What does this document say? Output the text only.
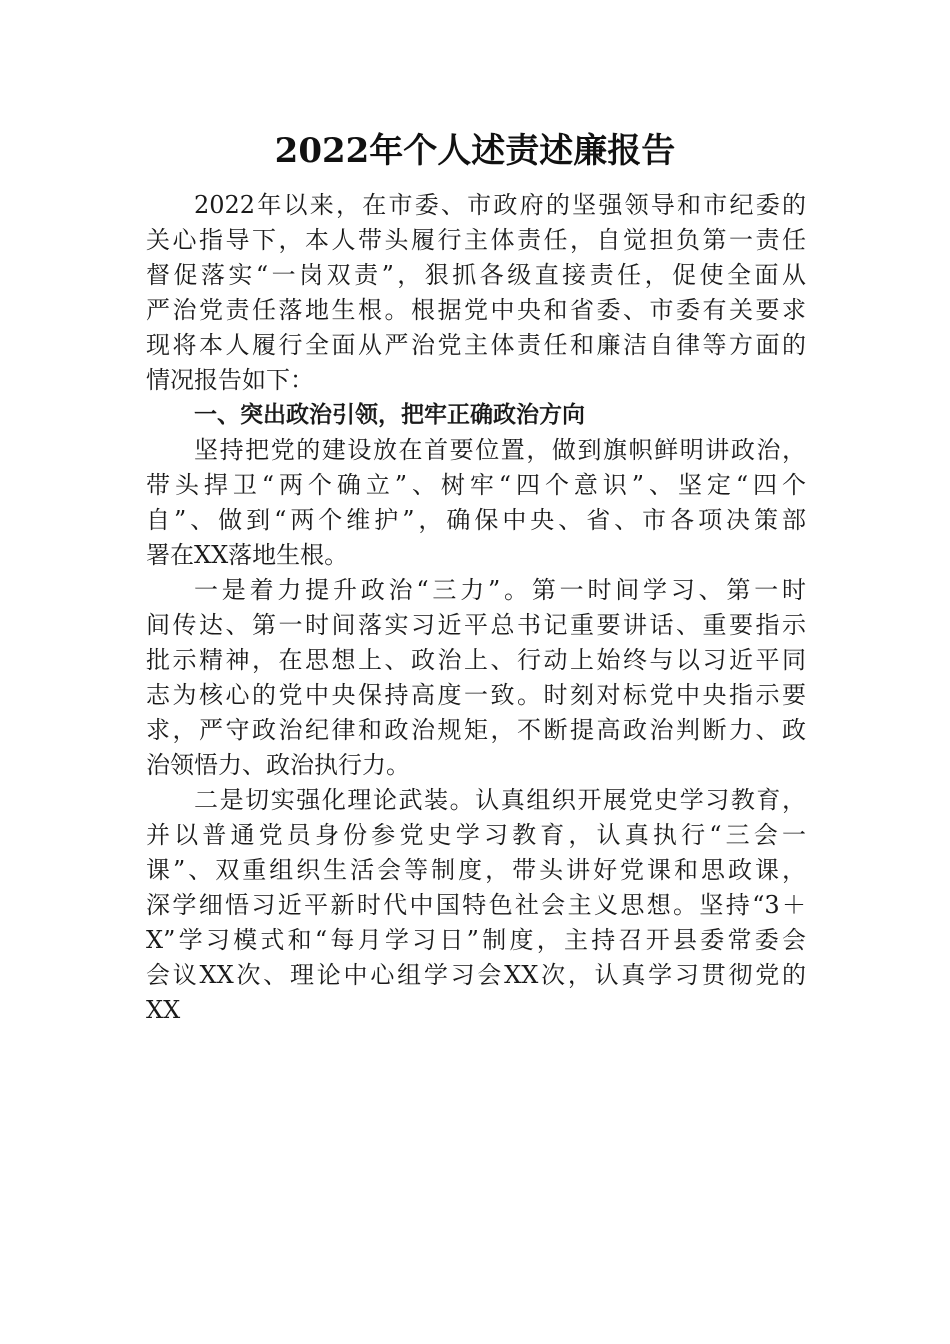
2022年个人述责述廉报告
2022年以来，在市委、市政府的坚强领导和市纪委的
关心指导下，本人带头履行主体责任，自觉担负第一责任
督促落实“一岗双责”，狠抓各级直接责任，促使全面从
严治党责任落地生根。根据党中央和省委、市委有关要求
现将本人履行全面从严治党主体责任和廉洁自律等方面的
情况报告如下：
一、突出政治引领，把牢正确政治方向
坚持把党的建设放在首要位置，做到旗帜鲜明讲政治，
带头捍卫“两个确立”、树牢“四个意识”、坚定“四个
自”、做到“两个维护”，确保中央、省、市各项决策部
署在XX落地生根。
一是着力提升政治“三力”。第一时间学习、第一时
间传达、第一时间落实习近平总书记重要讲话、重要指示
批示精神，在思想上、政治上、行动上始终与以习近平同
志为核心的党中央保持高度一致。时刻对标党中央指示要
求，严守政治纪律和政治规矩，不断提高政治判断力、政
治领悟力、政治执行力。
二是切实强化理论武装。认真组织开展党史学习教育，
并以普通党员身份参党史学习教育，认真执行“三会一
课”、双重组织生活会等制度，带头讲好党课和思政课，
深学细悟习近平新时代中国特色社会主义思想。坚持“3＋
X”学习模式和“每月学习日”制度，主持召开县委常委会
会议XX次、理论中心组学习会XX次，认真学习贯彻党的
XX
